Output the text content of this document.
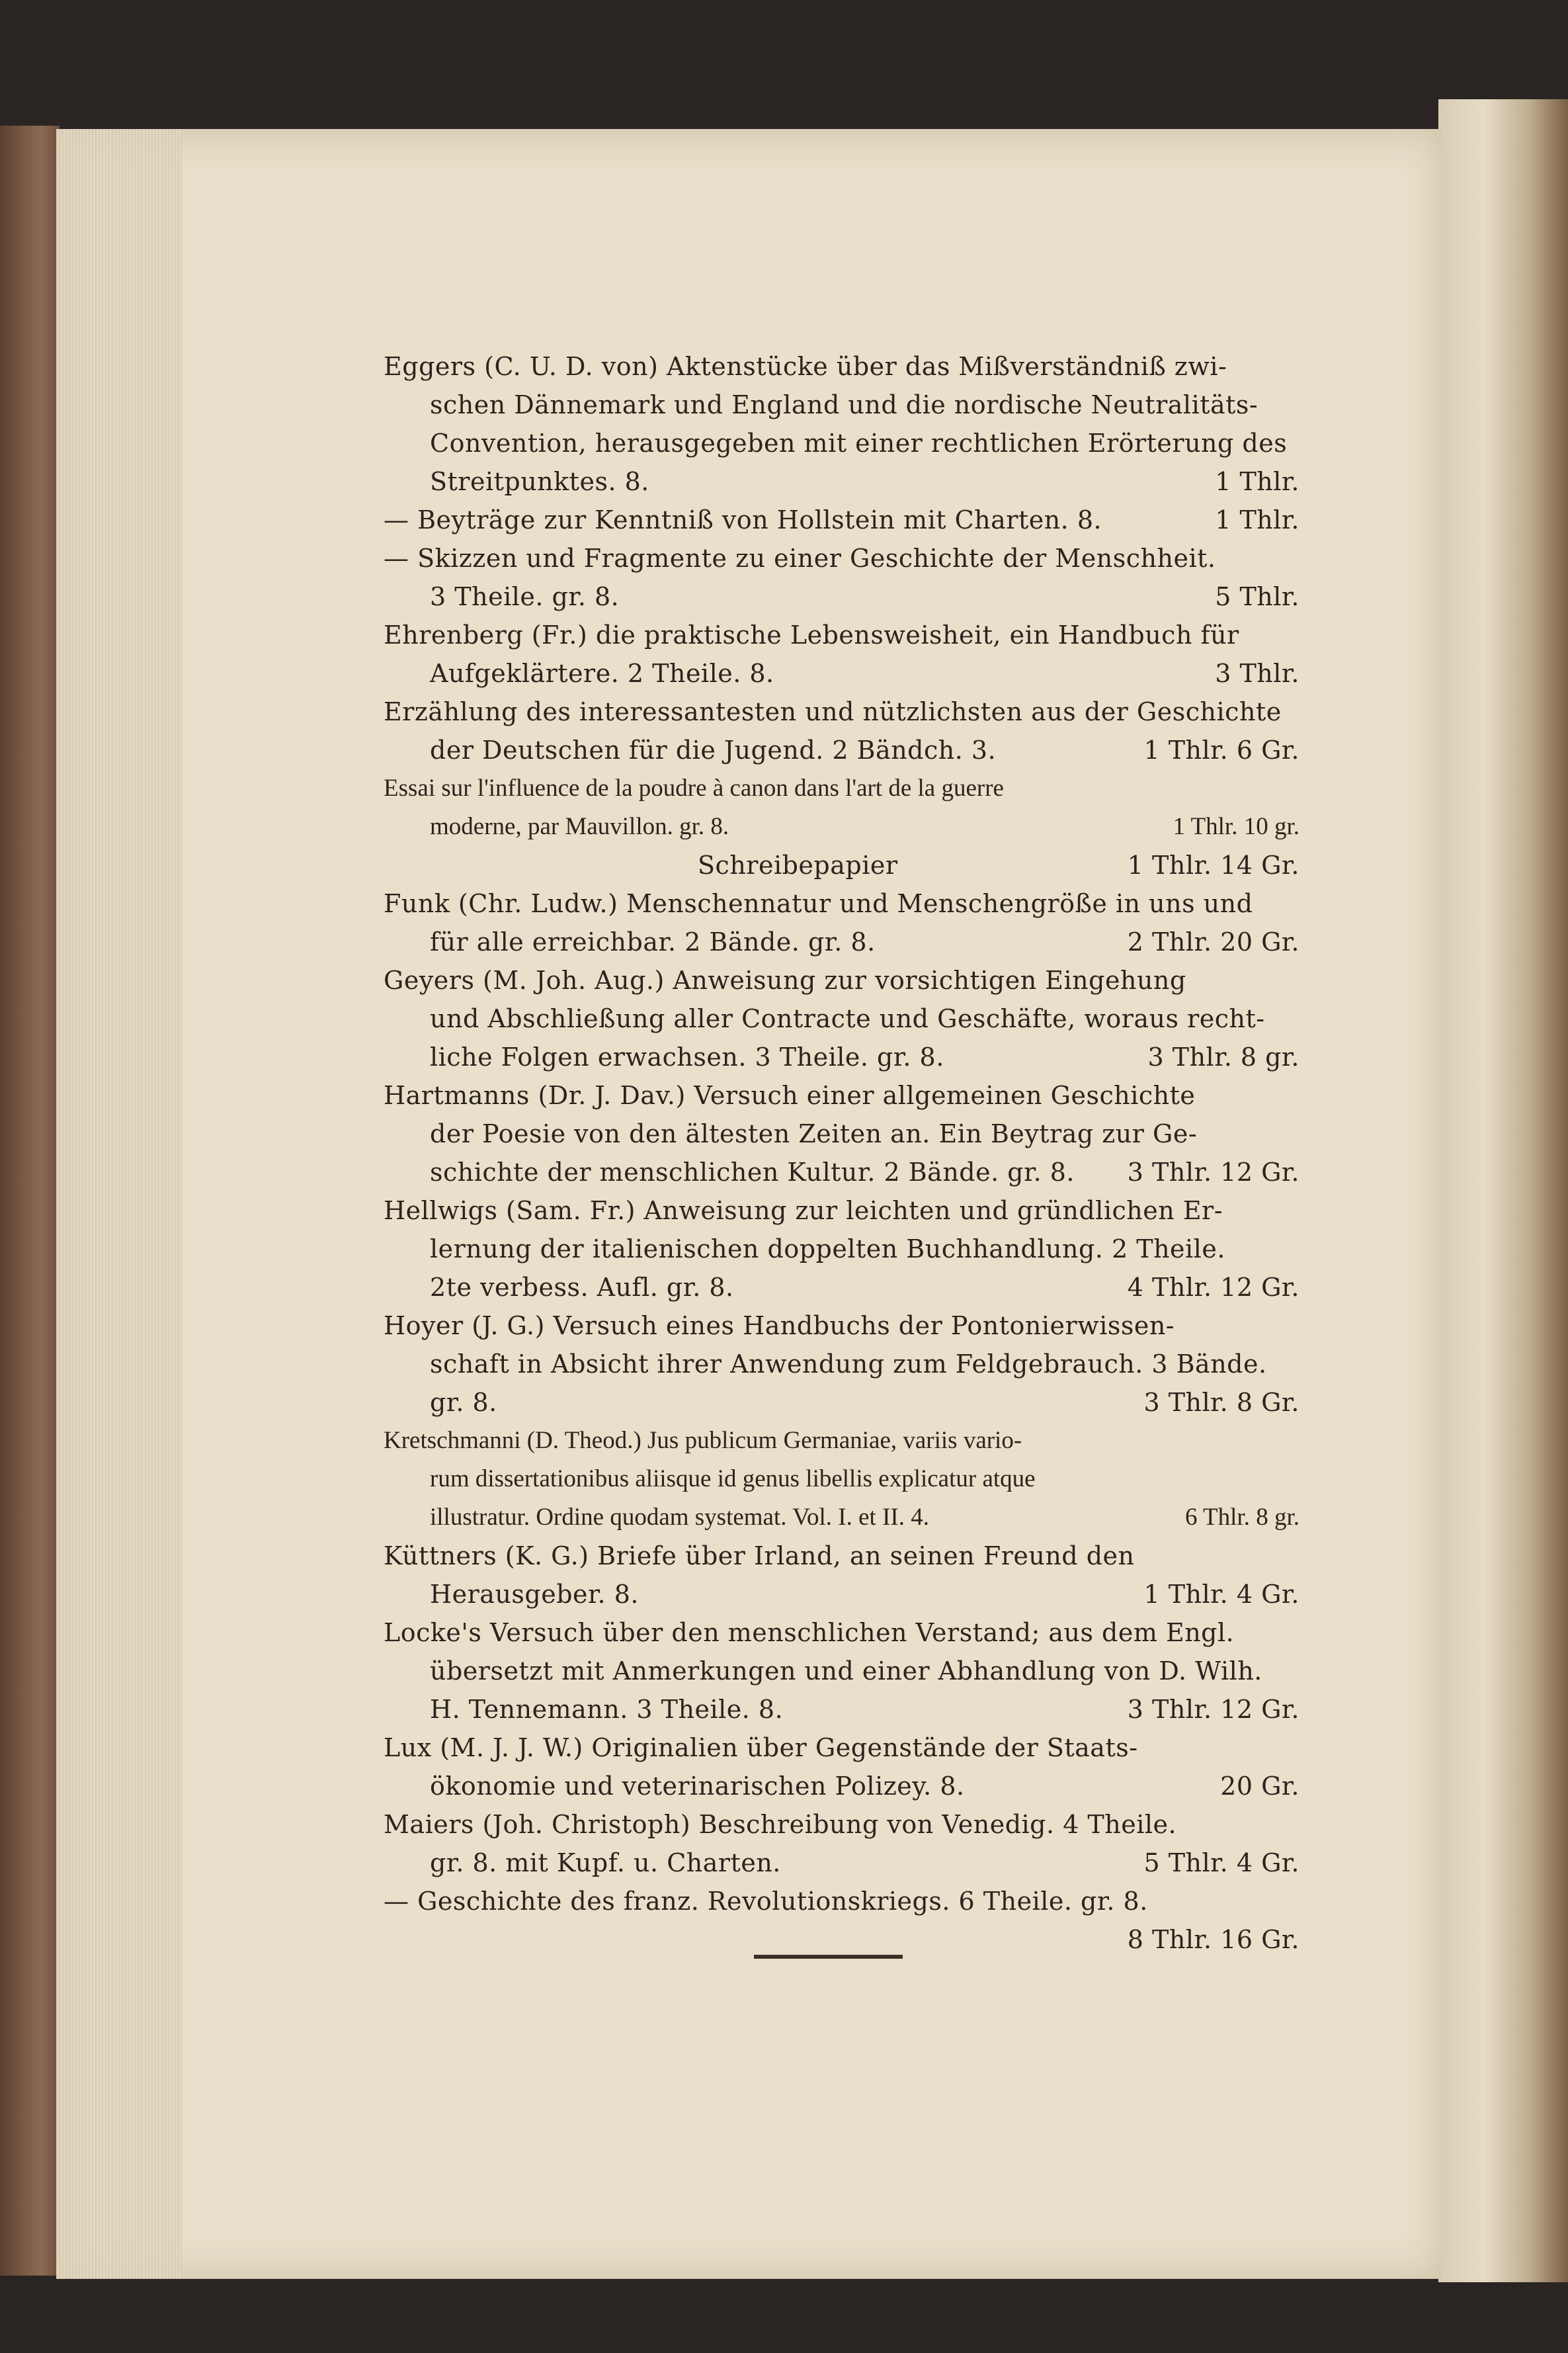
Eggers (C. U. D. von) Aktenstücke über das Mißverständniß zwi-
schen Dännemark und England und die nordische Neutralitäts-
Convention, herausgegeben mit einer rechtlichen Erörterung des
Streitpunktes. 8.	1 Thlr.
— Beyträge zur Kenntniß von Hollstein mit Charten. 8.	1 Thlr.
— Skizzen und Fragmente zu einer Geschichte der Menschheit.
3 Theile. gr. 8.	5 Thlr.
Ehrenberg (Fr.) die praktische Lebensweisheit, ein Handbuch für
Aufgeklärtere. 2 Theile. 8.	3 Thlr.
Erzählung des interessantesten und nützlichsten aus der Geschichte
der Deutschen für die Jugend. 2 Bändch. 3.	1 Thlr. 6 Gr.
Essai sur l'influence de la poudre à canon dans l'art de la guerre
moderne, par Mauvillon. gr. 8.	1 Thlr. 10 gr.
Schreibepapier	1 Thlr. 14 Gr.
Funk (Chr. Ludw.) Menschennatur und Menschengröße in uns und
für alle erreichbar. 2 Bände. gr. 8.	2 Thlr. 20 Gr.
Geyers (M. Joh. Aug.) Anweisung zur vorsichtigen Eingehung
und Abschließung aller Contracte und Geschäfte, woraus recht-
liche Folgen erwachsen. 3 Theile. gr. 8.	3 Thlr. 8 gr.
Hartmanns (Dr. J. Dav.) Versuch einer allgemeinen Geschichte
der Poesie von den ältesten Zeiten an. Ein Beytrag zur Ge-
schichte der menschlichen Kultur. 2 Bände. gr. 8. 3 Thlr. 12 Gr.
Hellwigs (Sam. Fr.) Anweisung zur leichten und gründlichen Er-
lernung der italienischen doppelten Buchhandlung. 2 Theile.
2te verbess. Aufl. gr. 8.	4 Thlr. 12 Gr.
Hoyer (J. G.) Versuch eines Handbuchs der Pontonierwissen-
schaft in Absicht ihrer Anwendung zum Feldgebrauch. 3 Bände.
gr. 8.	3 Thlr. 8 Gr.
Kretschmanni (D. Theod.) Jus publicum Germaniae, variis vario-
rum dissertationibus aliisque id genus libellis explicatur atque
illustratur. Ordine quodam systemat. Vol. I. et II. 4.	6 Thlr. 8 gr.
Küttners (K. G.) Briefe über Irland, an seinen Freund den
Herausgeber. 8.	1 Thlr. 4 Gr.
Locke's Versuch über den menschlichen Verstand; aus dem Engl.
übersetzt mit Anmerkungen und einer Abhandlung von D. Wilh.
H. Tennemann. 3 Theile. 8.	3 Thlr. 12 Gr.
Lux (M. J. J. W.) Originalien über Gegenstände der Staats-
ökonomie und veterinarischen Polizey. 8.	20 Gr.
Maiers (Joh. Christoph) Beschreibung von Venedig. 4 Theile.
gr. 8. mit Kupf. u. Charten.	5 Thlr. 4 Gr.
— Geschichte des franz. Revolutionskriegs. 6 Theile. gr. 8.
8 Thlr. 16 Gr.
